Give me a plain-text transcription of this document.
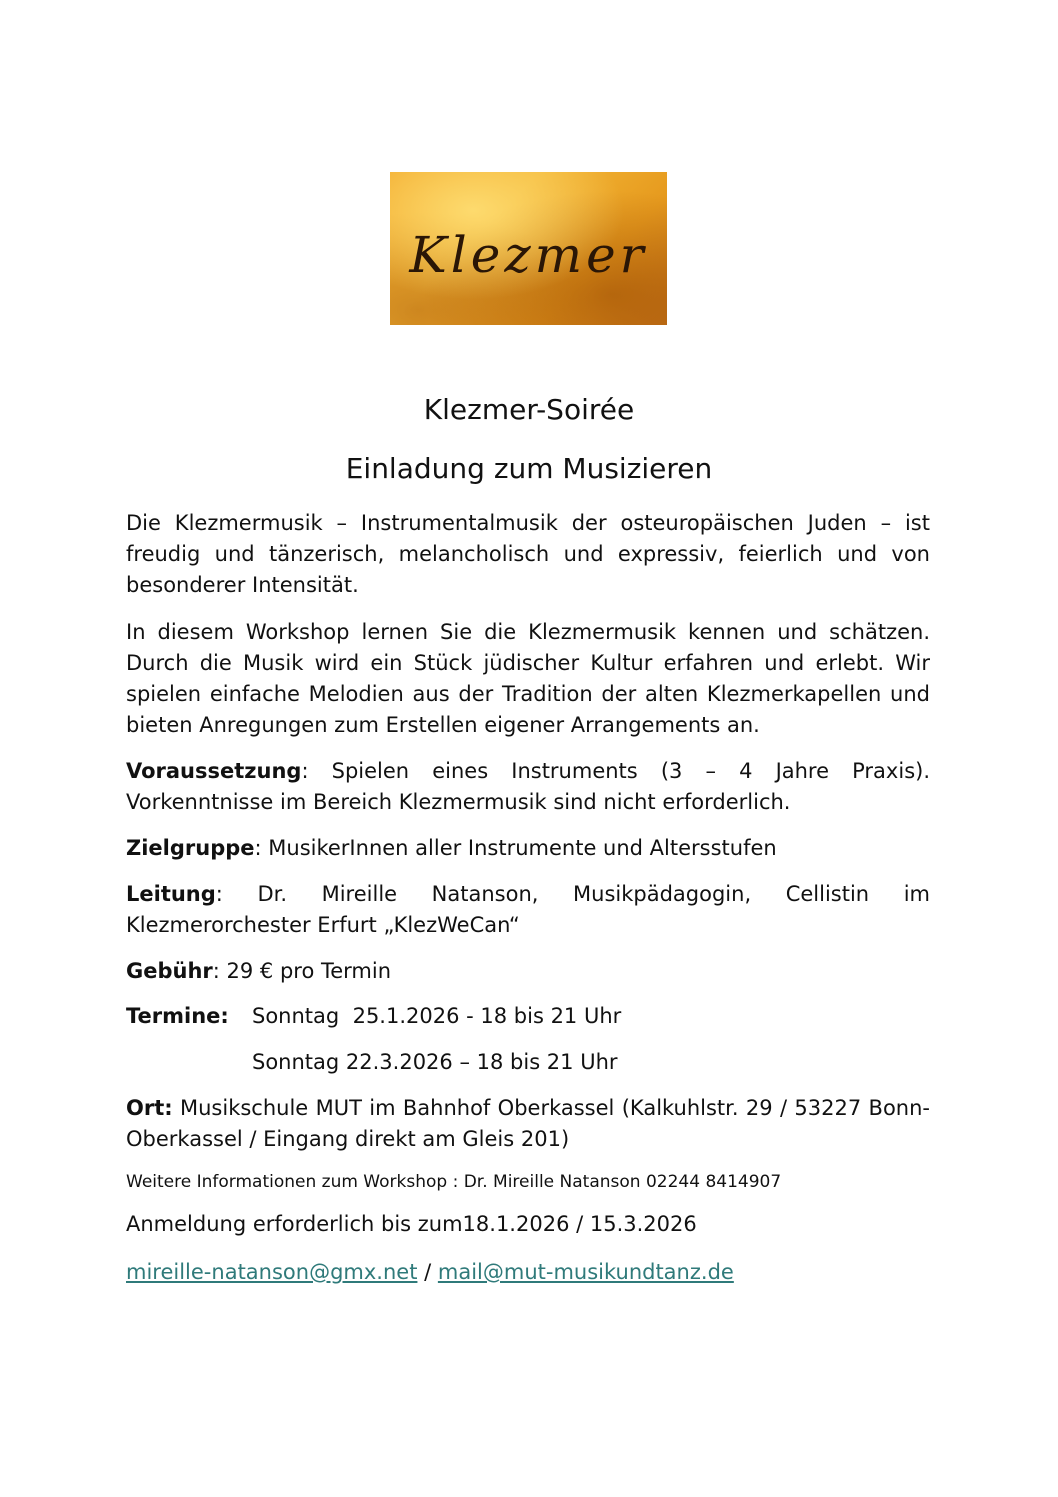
Klezmer
Klezmer-Soirée
Einladung zum Musizieren
Die Klezmermusik – Instrumentalmusik der osteuropäischen Juden – ist freudig und tänzerisch, melancholisch und expressiv, feierlich und von besonderer Intensität.
In diesem Workshop lernen Sie die Klezmermusik kennen und schätzen. Durch die Musik wird ein Stück jüdischer Kultur erfahren und erlebt. Wir spielen einfache Melodien aus der Tradition der alten Klezmerkapellen und bieten Anregungen zum Erstellen eigener Arrangements an.
Voraussetzung: Spielen eines Instruments (3 – 4 Jahre Praxis). Vorkenntnisse im Bereich Klezmermusik sind nicht erforderlich.
Zielgruppe: MusikerInnen aller Instrumente und Altersstufen
Leitung: Dr. Mireille Natanson, Musikpädagogin, Cellistin im Klezmerorchester Erfurt „KlezWeCan“
Gebühr: 29 € pro Termin
Termine: Sonntag  25.1.2026 - 18 bis 21 Uhr
Sonntag 22.3.2026 – 18 bis 21 Uhr
Ort: Musikschule MUT im Bahnhof Oberkassel (Kalkuhlstr. 29 / 53227 Bonn-Oberkassel / Eingang direkt am Gleis 201)
Weitere Informationen zum Workshop : Dr. Mireille Natanson 02244 8414907
Anmeldung erforderlich bis zum18.1.2026 / 15.3.2026
mireille-natanson@gmx.net / mail@mut-musikundtanz.de
